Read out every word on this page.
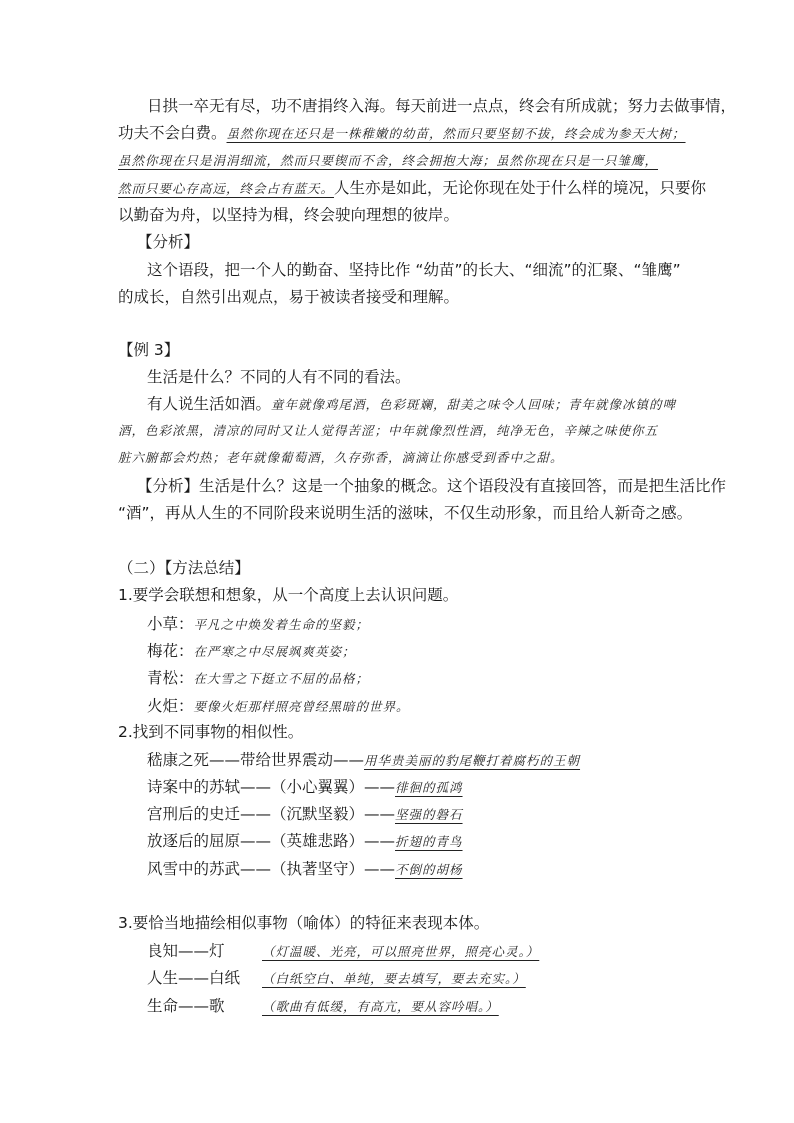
日拱一卒无有尽，功不唐捐终入海。每天前进一点点，终会有所成就；努力去做事情，
功夫不会白费。虽然你现在还只是一株稚嫩的幼苗，然而只要坚韧不拔，终会成为参天大树；
虽然你现在只是涓涓细流，然而只要锲而不舍，终会拥抱大海；虽然你现在只是一只雏鹰，
然而只要心存高远，终会占有蓝天。人生亦是如此，无论你现在处于什么样的境况，只要你
以勤奋为舟，以坚持为楫，终会驶向理想的彼岸。
【分析】
这个语段，把一个人的勤奋、坚持比作 “幼苗”的长大、“细流”的汇聚、“雏鹰”
的成长，自然引出观点，易于被读者接受和理解。
【例 3】
生活是什么？不同的人有不同的看法。
有人说生活如酒。童年就像鸡尾酒，色彩斑斓，甜美之味令人回味；青年就像冰镇的啤
酒，色彩浓黑，清凉的同时又让人觉得苦涩；中年就像烈性酒，纯净无色，辛辣之味使你五
脏六腑都会灼热；老年就像葡萄酒，久存弥香，滴滴让你感受到香中之甜。
【分析】生活是什么？这是一个抽象的概念。这个语段没有直接回答，而是把生活比作
“酒”，再从人生的不同阶段来说明生活的滋味，不仅生动形象，而且给人新奇之感。
（二）【方法总结】
1.要学会联想和想象，从一个高度上去认识问题。
小草：平凡之中焕发着生命的坚毅；
梅花：在严寒之中尽展飒爽英姿；
青松：在大雪之下挺立不屈的品格；
火炬：要像火炬那样照亮曾经黑暗的世界。
2.找到不同事物的相似性。
嵇康之死——带给世界震动——用华贵美丽的豹尾鞭打着腐朽的王朝
诗案中的苏轼——（小心翼翼）——徘徊的孤鸿
宫刑后的史迁——（沉默坚毅）——坚强的磐石
放逐后的屈原——（英雄悲路）——折翅的青鸟
风雪中的苏武——（执著坚守）——不倒的胡杨
3.要恰当地描绘相似事物（喻体）的特征来表现本体。
良知——灯	（灯温暖、光亮，可以照亮世界，照亮心灵。）
人生——白纸 （白纸空白、单纯，要去填写，要去充实。）
生命——歌	（歌曲有低缓，有高亢，要从容吟唱。）
